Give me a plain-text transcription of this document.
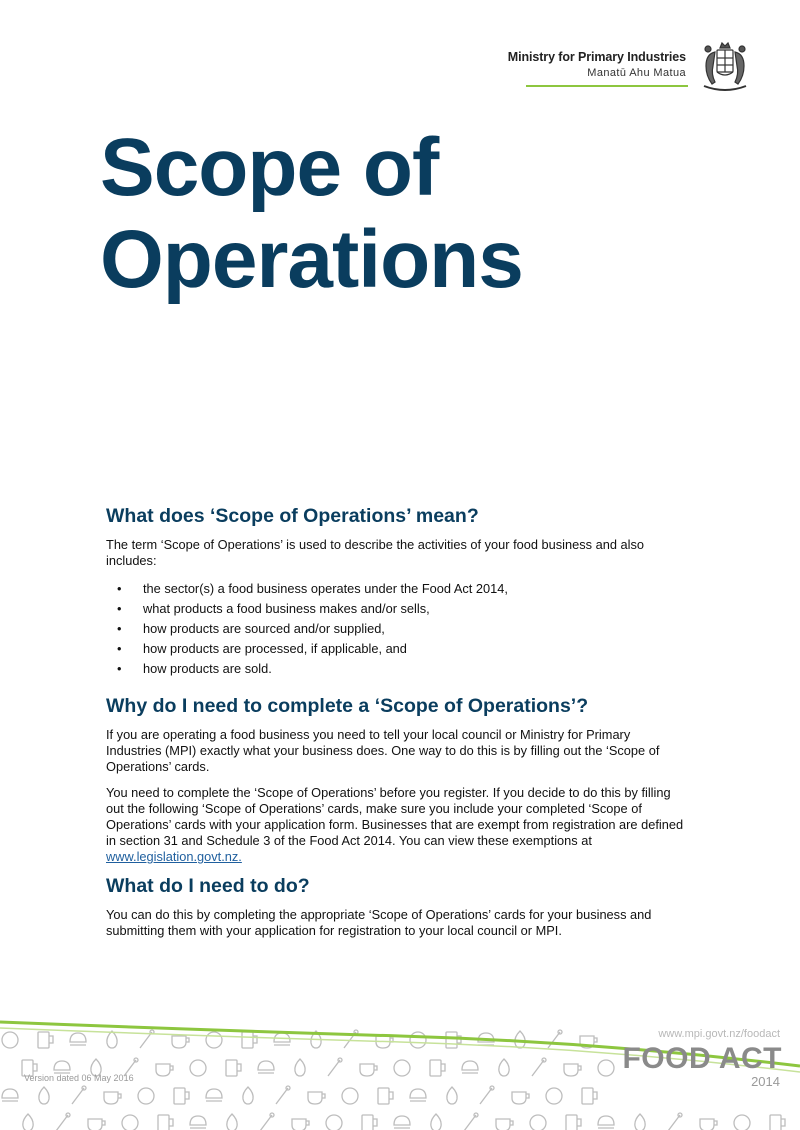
Ministry for Primary Industries
Manatū Ahu Matua
Scope of
Operations
What does ‘Scope of Operations’ mean?

The term ‘Scope of Operations’ is used to describe the activities of your food business and also includes:

• the sector(s) a food business operates under the Food Act 2014,
• what products a food business makes and/or sells,
• how products are sourced and/or supplied,
• how products are processed, if applicable, and
• how products are sold.
Why do I need to complete a ‘Scope of Operations’?

If you are operating a food business you need to tell your local council or Ministry for Primary Industries (MPI) exactly what your business does. One way to do this is by filling out the ‘Scope of Operations’ cards.

You need to complete the ‘Scope of Operations’ before you register. If you decide to do this by filling out the following ‘Scope of Operations’ cards, make sure you include your completed ‘Scope of Operations’ cards with your application form. Businesses that are exempt from registration are defined in section 31 and Schedule 3 of the Food Act 2014. You can view these exemptions at www.legislation.govt.nz.

What do I need to do?

You can do this by completing the appropriate ‘Scope of Operations’ cards for your business and submitting them with your application for registration to your local council or MPI.

www.mpi.govt.nz/foodact
FOOD ACT
2014
Version dated 06 May 2016
